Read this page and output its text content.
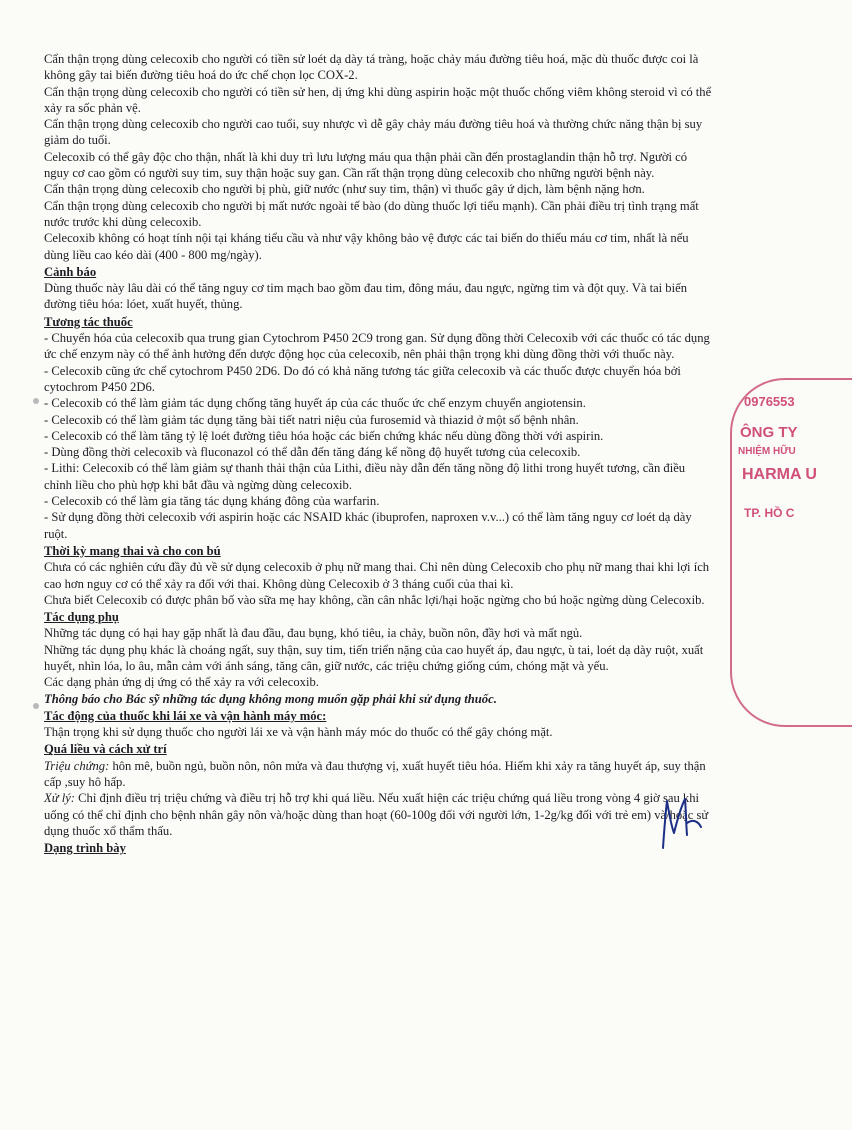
Cẩn thận trọng dùng celecoxib cho người có tiền sử loét dạ dày tá tràng, hoặc chảy máu đường tiêu hoá, mặc dù thuốc được coi là không gây tai biến đường tiêu hoá do ức chế chọn lọc COX-2.

Cẩn thận trọng dùng celecoxib cho người có tiền sử hen, dị ứng khi dùng aspirin hoặc một thuốc chống viêm không steroid vì có thể xảy ra sốc phản vệ.

Cẩn thận trọng dùng celecoxib cho người cao tuổi, suy nhược vì dễ gây chảy máu đường tiêu hoá và thường chức năng thận bị suy giảm do tuổi.

Celecoxib có thể gây độc cho thận, nhất là khi duy trì lưu lượng máu qua thận phải cần đến prostaglandin thận hỗ trợ. Người có nguy cơ cao gồm có người suy tim, suy thận hoặc suy gan. Cần rất thận trọng dùng celecoxib cho những người bệnh này.

Cẩn thận trọng dùng celecoxib cho người bị phù, giữ nước (như suy tim, thận) vì thuốc gây ứ dịch, làm bệnh nặng hơn.

Cẩn thận trọng dùng celecoxib cho người bị mất nước ngoài tế bào (do dùng thuốc lợi tiểu mạnh). Cần phải điều trị tình trạng mất nước trước khi dùng celecoxib.

Celecoxib không có hoạt tính nội tại kháng tiểu cầu và như vậy không bảo vệ được các tai biến do thiếu máu cơ tim, nhất là nếu dùng liều cao kéo dài (400 - 800 mg/ngày).

Cảnh báo

Dùng thuốc này lâu dài có thể tăng nguy cơ tim mạch bao gồm đau tim, đông máu, đau ngực, ngừng tim và đột quỵ. Và tai biến đường tiêu hóa: lóet, xuất huyết, thủng.

Tương tác thuốc

- Chuyển hóa của celecoxib qua trung gian Cytochrom P450 2C9 trong gan. Sử dụng đồng thời Celecoxib với các thuốc có tác dụng ức chế enzym này có thể ảnh hưởng đến dược động học của celecoxib, nên phải thận trọng khi dùng đồng thời với thuốc này.

- Celecoxib cũng ức chế cytochrom P450 2D6. Do đó có khả năng tương tác giữa celecoxib và các thuốc được chuyển hóa bởi cytochrom P450 2D6.

- Celecoxib có thể làm giảm tác dụng chống tăng huyết áp của các thuốc ức chế enzym chuyển angiotensin.

- Celecoxib có thể làm giảm tác dụng tăng bài tiết natri niệu của furosemid và thiazid ở một số bệnh nhân.

- Celecoxib có thể làm tăng tỷ lệ loét đường tiêu hóa hoặc các biến chứng khác nếu dùng đồng thời với aspirin.

- Dùng đồng thời celecoxib và fluconazol có thể dẫn đến tăng đáng kể nồng độ huyết tương của celecoxib.

- Lithi: Celecoxib có thể làm giảm sự thanh thải thận của Lithi, điều này dẫn đến tăng nồng độ lithi trong huyết tương, cần điều chỉnh liều cho phù hợp khi bắt đầu và ngừng dùng celecoxib.

- Celecoxib có thể làm gia tăng tác dụng kháng đông của warfarin.

- Sử dụng đồng thời celecoxib với aspirin hoặc các NSAID khác (ibuprofen, naproxen v.v...) có thể làm tăng nguy cơ loét dạ dày ruột.

Thời kỳ mang thai và cho con bú

Chưa có các nghiên cứu đầy đủ về sử dụng celecoxib ở phụ nữ mang thai. Chỉ nên dùng Celecoxib cho phụ nữ mang thai khi lợi ích cao hơn nguy cơ có thể xảy ra đối với thai. Không dùng Celecoxib ở 3 tháng cuối của thai kì.

Chưa biết Celecoxib có được phân bố vào sữa mẹ hay không, cần cân nhắc lợi/hại hoặc ngừng cho bú hoặc ngừng dùng Celecoxib.

Tác dụng phụ

Những tác dụng có hại hay gặp nhất là đau đầu, đau bụng, khó tiêu, ỉa chảy, buồn nôn, đầy hơi và mất ngủ.

Những tác dụng phụ khác là choáng ngất, suy thận, suy tim, tiến triển nặng của cao huyết áp, đau ngực, ù tai, loét dạ dày ruột, xuất huyết, nhìn lóa, lo âu, mẫn cảm với ánh sáng, tăng cân, giữ nước, các triệu chứng giống cúm, chóng mặt và yếu.

Các dạng phản ứng dị ứng có thể xảy ra với celecoxib.

Thông báo cho Bác sỹ những tác dụng không mong muốn gặp phải khi sử dụng thuốc.

Tác động của thuốc khi lái xe và vận hành máy móc:

Thận trọng khi sử dụng thuốc cho người lái xe và vận hành máy móc do thuốc có thể gây chóng mặt.

Quá liều và cách xử trí

Triệu chứng: hôn mê, buồn ngủ, buồn nôn, nôn mửa và đau thượng vị, xuất huyết tiêu hóa. Hiếm khi xảy ra tăng huyết áp, suy thận cấp ,suy hô hấp.

Xử lý: Chỉ định điều trị triệu chứng và điều trị hỗ trợ khi quá liều. Nếu xuất hiện các triệu chứng quá liều trong vòng 4 giờ sau khi uống có thể chỉ định cho bệnh nhân gây nôn và/hoặc dùng than hoạt (60-100g đối với người lớn, 1-2g/kg đối với trẻ em) và/hoặc sử dụng thuốc xổ thẩm thấu.

Dạng trình bày

0976553
ÔNG TY
NHIỆM HỮU
HARMA U
TP. HỒ C
